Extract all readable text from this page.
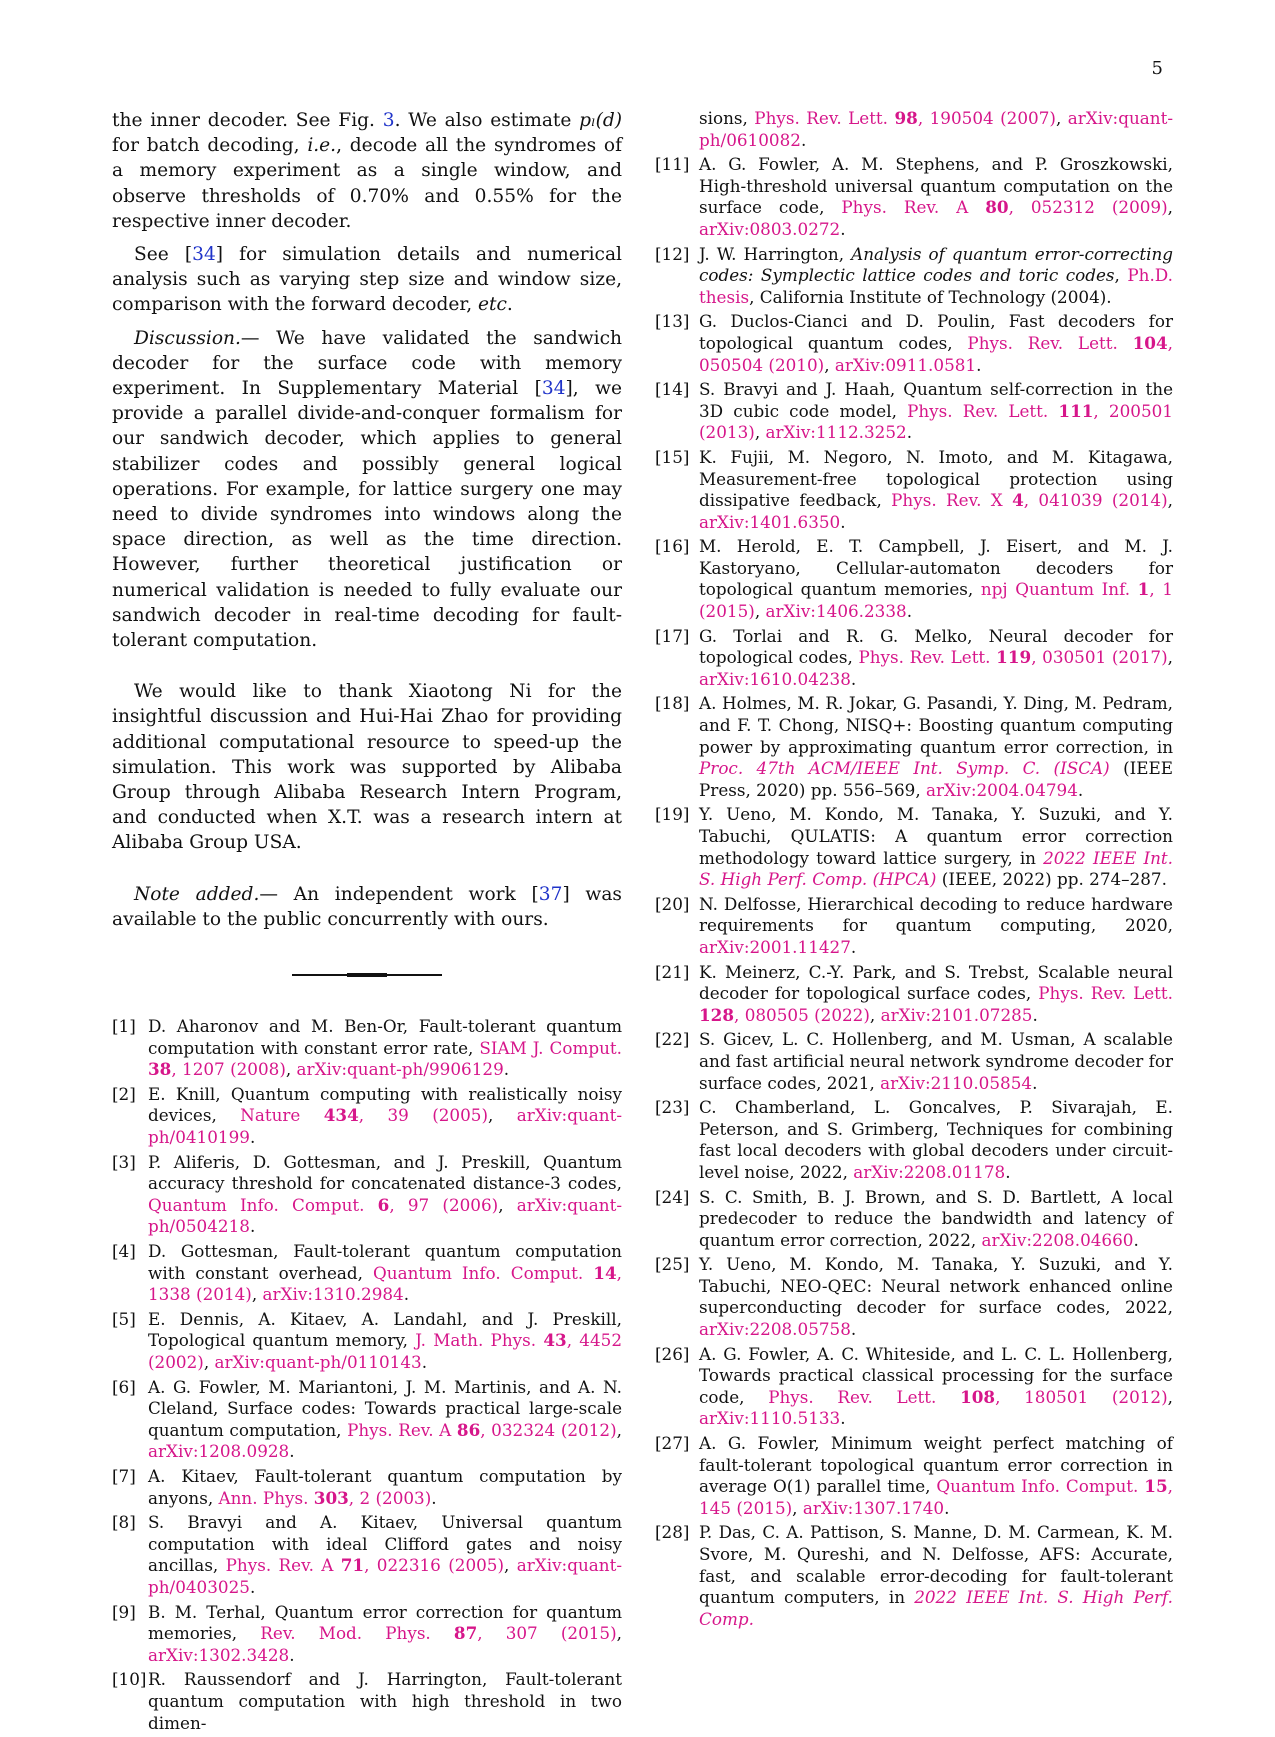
5

the inner decoder. See Fig. 3. We also estimate pₗ(d) for batch decoding, i.e., decode all the syndromes of a memory experiment as a single window, and observe thresholds of 0.70% and 0.55% for the respective inner decoder.

See [34] for simulation details and numerical analysis such as varying step size and window size, comparison with the forward decoder, etc.

Discussion.— We have validated the sandwich decoder for the surface code with memory experiment. In Supplementary Material [34], we provide a parallel divide-and-conquer formalism for our sandwich decoder, which applies to general stabilizer codes and possibly general logical operations. For example, for lattice surgery one may need to divide syndromes into windows along the space direction, as well as the time direction. However, further theoretical justification or numerical validation is needed to fully evaluate our sandwich decoder in real-time decoding for fault-tolerant computation.

We would like to thank Xiaotong Ni for the insightful discussion and Hui-Hai Zhao for providing additional computational resource to speed-up the simulation. This work was supported by Alibaba Group through Alibaba Research Intern Program, and conducted when X.T. was a research intern at Alibaba Group USA.

Note added.— An independent work [37] was available to the public concurrently with ours.

[1] D. Aharonov and M. Ben-Or, Fault-tolerant quantum computation with constant error rate, SIAM J. Comput. 38, 1207 (2008), arXiv:quant-ph/9906129.
[2] E. Knill, Quantum computing with realistically noisy devices, Nature 434, 39 (2005), arXiv:quant-ph/0410199.
[3] P. Aliferis, D. Gottesman, and J. Preskill, Quantum accuracy threshold for concatenated distance-3 codes, Quantum Info. Comput. 6, 97 (2006), arXiv:quant-ph/0504218.
[4] D. Gottesman, Fault-tolerant quantum computation with constant overhead, Quantum Info. Comput. 14, 1338 (2014), arXiv:1310.2984.
[5] E. Dennis, A. Kitaev, A. Landahl, and J. Preskill, Topological quantum memory, J. Math. Phys. 43, 4452 (2002), arXiv:quant-ph/0110143.
[6] A. G. Fowler, M. Mariantoni, J. M. Martinis, and A. N. Cleland, Surface codes: Towards practical large-scale quantum computation, Phys. Rev. A 86, 032324 (2012), arXiv:1208.0928.
[7] A. Kitaev, Fault-tolerant quantum computation by anyons, Ann. Phys. 303, 2 (2003).
[8] S. Bravyi and A. Kitaev, Universal quantum computation with ideal Clifford gates and noisy ancillas, Phys. Rev. A 71, 022316 (2005), arXiv:quant-ph/0403025.
[9] B. M. Terhal, Quantum error correction for quantum memories, Rev. Mod. Phys. 87, 307 (2015), arXiv:1302.3428.
[10] R. Raussendorf and J. Harrington, Fault-tolerant quantum computation with high threshold in two dimen-
sions, Phys. Rev. Lett. 98, 190504 (2007), arXiv:quant-ph/0610082.
[11] A. G. Fowler, A. M. Stephens, and P. Groszkowski, High-threshold universal quantum computation on the surface code, Phys. Rev. A 80, 052312 (2009), arXiv:0803.0272.
[12] J. W. Harrington, Analysis of quantum error-correcting codes: Symplectic lattice codes and toric codes, Ph.D. thesis, California Institute of Technology (2004).
[13] G. Duclos-Cianci and D. Poulin, Fast decoders for topological quantum codes, Phys. Rev. Lett. 104, 050504 (2010), arXiv:0911.0581.
[14] S. Bravyi and J. Haah, Quantum self-correction in the 3D cubic code model, Phys. Rev. Lett. 111, 200501 (2013), arXiv:1112.3252.
[15] K. Fujii, M. Negoro, N. Imoto, and M. Kitagawa, Measurement-free topological protection using dissipative feedback, Phys. Rev. X 4, 041039 (2014), arXiv:1401.6350.
[16] M. Herold, E. T. Campbell, J. Eisert, and M. J. Kastoryano, Cellular-automaton decoders for topological quantum memories, npj Quantum Inf. 1, 1 (2015), arXiv:1406.2338.
[17] G. Torlai and R. G. Melko, Neural decoder for topological codes, Phys. Rev. Lett. 119, 030501 (2017), arXiv:1610.04238.
[18] A. Holmes, M. R. Jokar, G. Pasandi, Y. Ding, M. Pedram, and F. T. Chong, NISQ+: Boosting quantum computing power by approximating quantum error correction, in Proc. 47th ACM/IEEE Int. Symp. C. (ISCA) (IEEE Press, 2020) pp. 556–569, arXiv:2004.04794.
[19] Y. Ueno, M. Kondo, M. Tanaka, Y. Suzuki, and Y. Tabuchi, QULATIS: A quantum error correction methodology toward lattice surgery, in 2022 IEEE Int. S. High Perf. Comp. (HPCA) (IEEE, 2022) pp. 274–287.
[20] N. Delfosse, Hierarchical decoding to reduce hardware requirements for quantum computing, 2020, arXiv:2001.11427.
[21] K. Meinerz, C.-Y. Park, and S. Trebst, Scalable neural decoder for topological surface codes, Phys. Rev. Lett. 128, 080505 (2022), arXiv:2101.07285.
[22] S. Gicev, L. C. Hollenberg, and M. Usman, A scalable and fast artificial neural network syndrome decoder for surface codes, 2021, arXiv:2110.05854.
[23] C. Chamberland, L. Goncalves, P. Sivarajah, E. Peterson, and S. Grimberg, Techniques for combining fast local decoders with global decoders under circuit-level noise, 2022, arXiv:2208.01178.
[24] S. C. Smith, B. J. Brown, and S. D. Bartlett, A local predecoder to reduce the bandwidth and latency of quantum error correction, 2022, arXiv:2208.04660.
[25] Y. Ueno, M. Kondo, M. Tanaka, Y. Suzuki, and Y. Tabuchi, NEO-QEC: Neural network enhanced online superconducting decoder for surface codes, 2022, arXiv:2208.05758.
[26] A. G. Fowler, A. C. Whiteside, and L. C. L. Hollenberg, Towards practical classical processing for the surface code, Phys. Rev. Lett. 108, 180501 (2012), arXiv:1110.5133.
[27] A. G. Fowler, Minimum weight perfect matching of fault-tolerant topological quantum error correction in average O(1) parallel time, Quantum Info. Comput. 15, 145 (2015), arXiv:1307.1740.
[28] P. Das, C. A. Pattison, S. Manne, D. M. Carmean, K. M. Svore, M. Qureshi, and N. Delfosse, AFS: Accurate, fast, and scalable error-decoding for fault-tolerant quantum computers, in 2022 IEEE Int. S. High Perf. Comp.
